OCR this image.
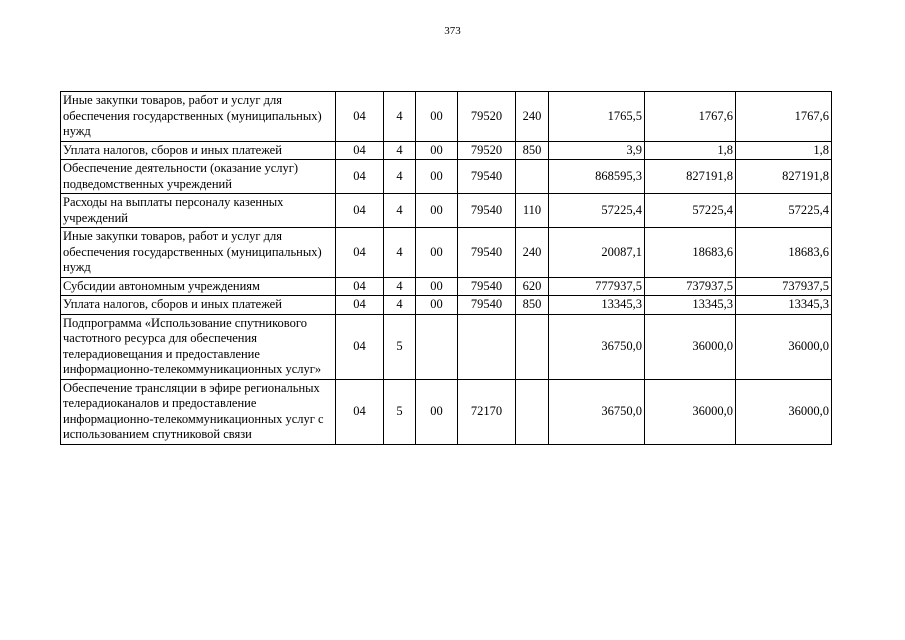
373
Иные закупки товаров, работ и услуг для обеспечения государственных (муниципальных) нужд	04	4	00	79520	240	1765,5	1767,6	1767,6
Уплата налогов, сборов и иных платежей	04	4	00	79520	850	3,9	1,8	1,8
Обеспечение деятельности (оказание услуг) подведомственных учреждений	04	4	00	79540		868595,3	827191,8	827191,8
Расходы на выплаты персоналу казенных учреждений	04	4	00	79540	110	57225,4	57225,4	57225,4
Иные закупки товаров, работ и услуг для обеспечения государственных (муниципальных) нужд	04	4	00	79540	240	20087,1	18683,6	18683,6
Субсидии автономным учреждениям	04	4	00	79540	620	777937,5	737937,5	737937,5
Уплата налогов, сборов и иных платежей	04	4	00	79540	850	13345,3	13345,3	13345,3
Подпрограмма «Использование спутникового частотного ресурса для обеспечения телерадиовещания и предоставление информационно-телекоммуникационных услуг»	04	5				36750,0	36000,0	36000,0
Обеспечение трансляции в эфире региональных телерадиоканалов и предоставление информационно-телекоммуникационных услуг с использованием спутниковой связи	04	5	00	72170		36750,0	36000,0	36000,0
